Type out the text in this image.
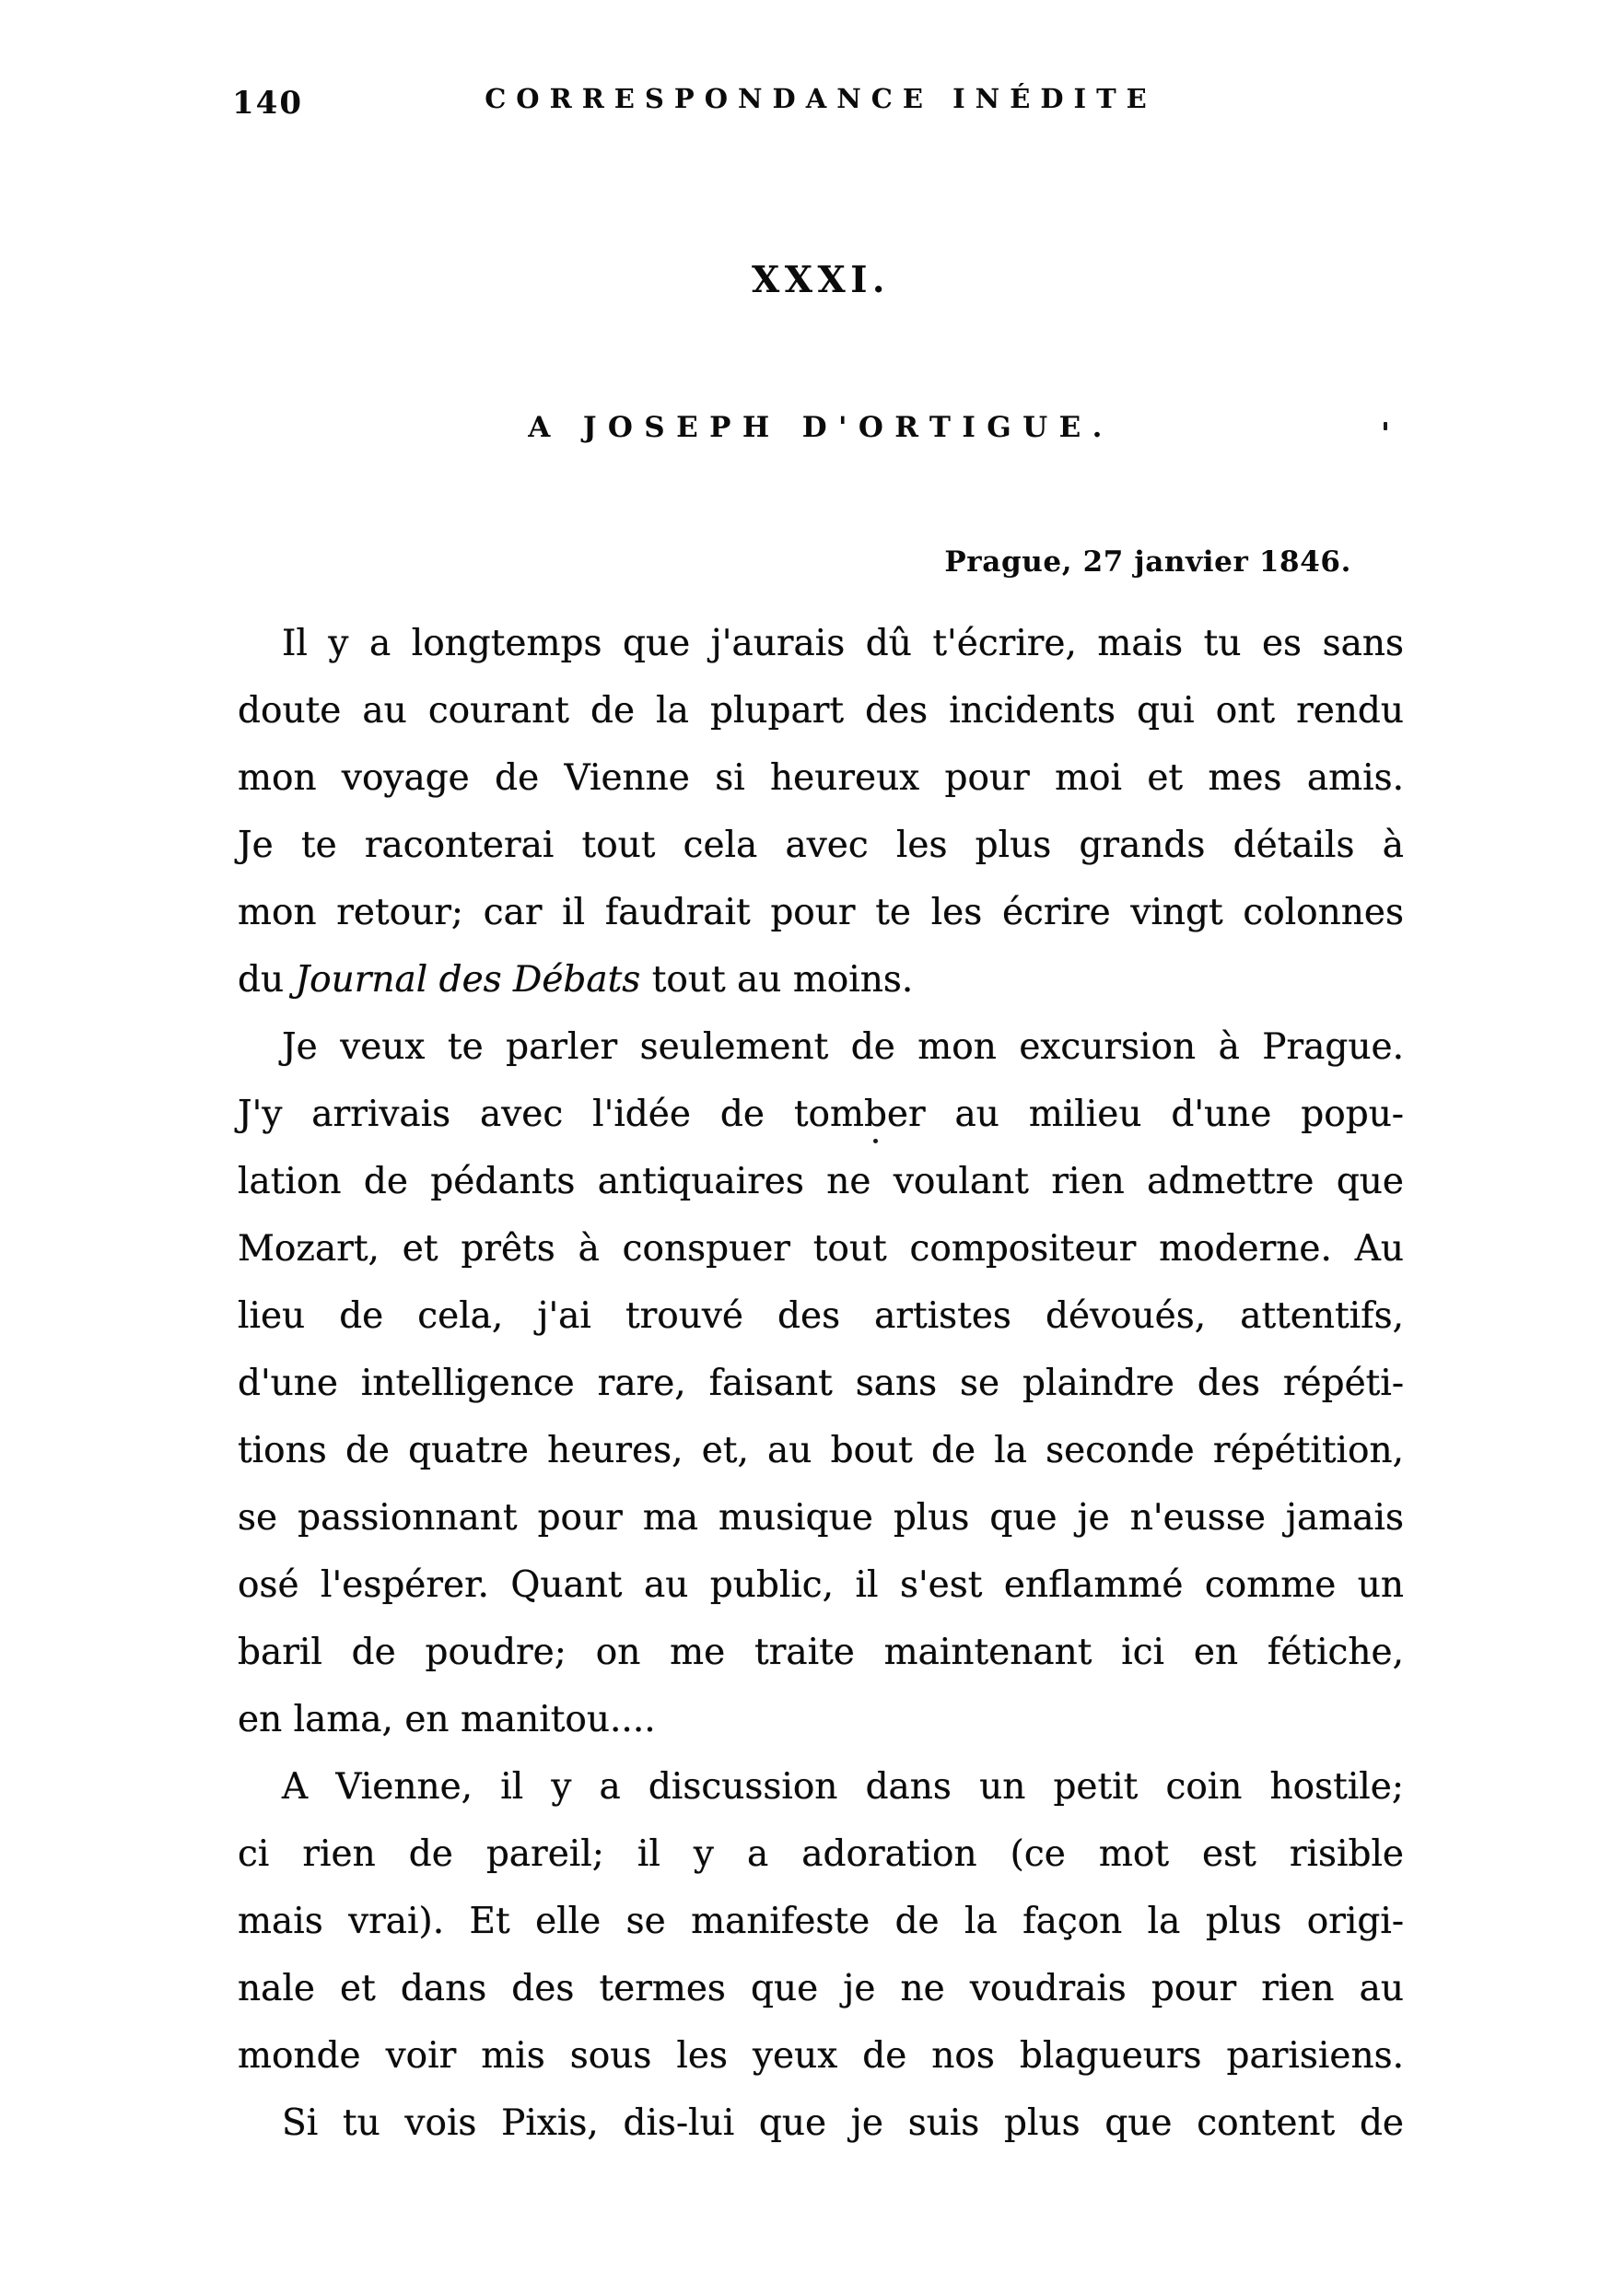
140	CORRESPONDANCE INÉDITE
XXXI.
A JOSEPH D'ORTIGUE.
Prague, 27 janvier 1846.
Il y a longtemps que j'aurais dû t'écrire, mais tu es sans
doute au courant de la plupart des incidents qui ont rendu
mon voyage de Vienne si heureux pour moi et mes amis.
Je te raconterai tout cela avec les plus grands détails à
mon retour; car il faudrait pour te les écrire vingt colonnes
du Journal des Débats tout au moins.
Je veux te parler seulement de mon excursion à Prague.
J'y arrivais avec l'idée de tomber au milieu d'une popu-
lation de pédants antiquaires ne voulant rien admettre que
Mozart, et prêts à conspuer tout compositeur moderne. Au
lieu de cela, j'ai trouvé des artistes dévoués, attentifs,
d'une intelligence rare, faisant sans se plaindre des répéti-
tions de quatre heures, et, au bout de la seconde répétition,
se passionnant pour ma musique plus que je n'eusse jamais
osé l'espérer. Quant au public, il s'est enflammé comme un
baril de poudre; on me traite maintenant ici en fétiche,
en lama, en manitou....
A Vienne, il y a discussion dans un petit coin hostile;
ci rien de pareil; il y a adoration (ce mot est risible
mais vrai). Et elle se manifeste de la façon la plus origi-
nale et dans des termes que je ne voudrais pour rien au
monde voir mis sous les yeux de nos blagueurs parisiens.
Si tu vois Pixis, dis-lui que je suis plus que content de
